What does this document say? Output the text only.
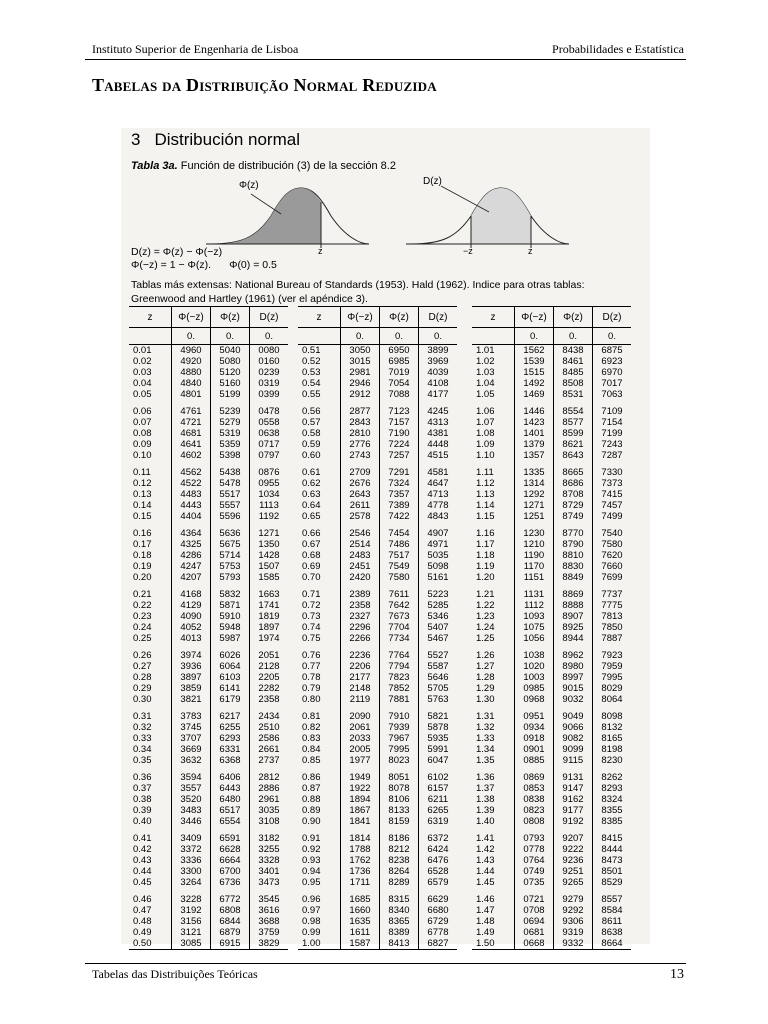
Instituto Superior de Engenharia de Lisboa	Probabilidades e Estatística
Tabelas da Distribuição Normal Reduzida
3 Distribución normal
Tabla 3a. Función de distribución (3) de la sección 8.2
Φ(z)
z
D(z)
−z	z
D(z) = Φ(z) − Φ(−z)
Φ(−z) = 1 − Φ(z). Φ(0) = 0.5
Tablas más extensas: National Bureau of Standards (1953). Hald (1962). Indice para otras tablas: Greenwood and Hartley (1961) (ver el apéndice 3).
z	Φ(−z)	Φ(z)	D(z)
	0.	0.	0.
0.01	4960	5040	0080
0.02	4920	5080	0160
0.03	4880	5120	0239
0.04	4840	5160	0319
0.05	4801	5199	0399
0.06	4761	5239	0478
0.07	4721	5279	0558
0.08	4681	5319	0638
0.09	4641	5359	0717
0.10	4602	5398	0797
0.11	4562	5438	0876
0.12	4522	5478	0955
0.13	4483	5517	1034
0.14	4443	5557	1113
0.15	4404	5596	1192
0.16	4364	5636	1271
0.17	4325	5675	1350
0.18	4286	5714	1428
0.19	4247	5753	1507
0.20	4207	5793	1585
0.21	4168	5832	1663
0.22	4129	5871	1741
0.23	4090	5910	1819
0.24	4052	5948	1897
0.25	4013	5987	1974
0.26	3974	6026	2051
0.27	3936	6064	2128
0.28	3897	6103	2205
0.29	3859	6141	2282
0.30	3821	6179	2358
0.31	3783	6217	2434
0.32	3745	6255	2510
0.33	3707	6293	2586
0.34	3669	6331	2661
0.35	3632	6368	2737
0.36	3594	6406	2812
0.37	3557	6443	2886
0.38	3520	6480	2961
0.39	3483	6517	3035
0.40	3446	6554	3108
0.41	3409	6591	3182
0.42	3372	6628	3255
0.43	3336	6664	3328
0.44	3300	6700	3401
0.45	3264	6736	3473
0.46	3228	6772	3545
0.47	3192	6808	3616
0.48	3156	6844	3688
0.49	3121	6879	3759
0.50	3085	6915	3829
z	Φ(−z)	Φ(z)	D(z)
	0.	0.	0.
0.51	3050	6950	3899
0.52	3015	6985	3969
0.53	2981	7019	4039
0.54	2946	7054	4108
0.55	2912	7088	4177
0.56	2877	7123	4245
0.57	2843	7157	4313
0.58	2810	7190	4381
0.59	2776	7224	4448
0.60	2743	7257	4515
0.61	2709	7291	4581
0.62	2676	7324	4647
0.63	2643	7357	4713
0.64	2611	7389	4778
0.65	2578	7422	4843
0.66	2546	7454	4907
0.67	2514	7486	4971
0.68	2483	7517	5035
0.69	2451	7549	5098
0.70	2420	7580	5161
0.71	2389	7611	5223
0.72	2358	7642	5285
0.73	2327	7673	5346
0.74	2296	7704	5407
0.75	2266	7734	5467
0.76	2236	7764	5527
0.77	2206	7794	5587
0.78	2177	7823	5646
0.79	2148	7852	5705
0.80	2119	7881	5763
0.81	2090	7910	5821
0.82	2061	7939	5878
0.83	2033	7967	5935
0.84	2005	7995	5991
0.85	1977	8023	6047
0.86	1949	8051	6102
0.87	1922	8078	6157
0.88	1894	8106	6211
0.89	1867	8133	6265
0.90	1841	8159	6319
0.91	1814	8186	6372
0.92	1788	8212	6424
0.93	1762	8238	6476
0.94	1736	8264	6528
0.95	1711	8289	6579
0.96	1685	8315	6629
0.97	1660	8340	6680
0.98	1635	8365	6729
0.99	1611	8389	6778
1.00	1587	8413	6827
z	Φ(−z)	Φ(z)	D(z)
	0.	0.	0.
1.01	1562	8438	6875
1.02	1539	8461	6923
1.03	1515	8485	6970
1.04	1492	8508	7017
1.05	1469	8531	7063
1.06	1446	8554	7109
1.07	1423	8577	7154
1.08	1401	8599	7199
1.09	1379	8621	7243
1.10	1357	8643	7287
1.11	1335	8665	7330
1.12	1314	8686	7373
1.13	1292	8708	7415
1.14	1271	8729	7457
1.15	1251	8749	7499
1.16	1230	8770	7540
1.17	1210	8790	7580
1.18	1190	8810	7620
1.19	1170	8830	7660
1.20	1151	8849	7699
1.21	1131	8869	7737
1.22	1112	8888	7775
1.23	1093	8907	7813
1.24	1075	8925	7850
1.25	1056	8944	7887
1.26	1038	8962	7923
1.27	1020	8980	7959
1.28	1003	8997	7995
1.29	0985	9015	8029
1.30	0968	9032	8064
1.31	0951	9049	8098
1.32	0934	9066	8132
1.33	0918	9082	8165
1.34	0901	9099	8198
1.35	0885	9115	8230
1.36	0869	9131	8262
1.37	0853	9147	8293
1.38	0838	9162	8324
1.39	0823	9177	8355
1.40	0808	9192	8385
1.41	0793	9207	8415
1.42	0778	9222	8444
1.43	0764	9236	8473
1.44	0749	9251	8501
1.45	0735	9265	8529
1.46	0721	9279	8557
1.47	0708	9292	8584
1.48	0694	9306	8611
1.49	0681	9319	8638
1.50	0668	9332	8664
Tabelas das Distribuições Teóricas	13
